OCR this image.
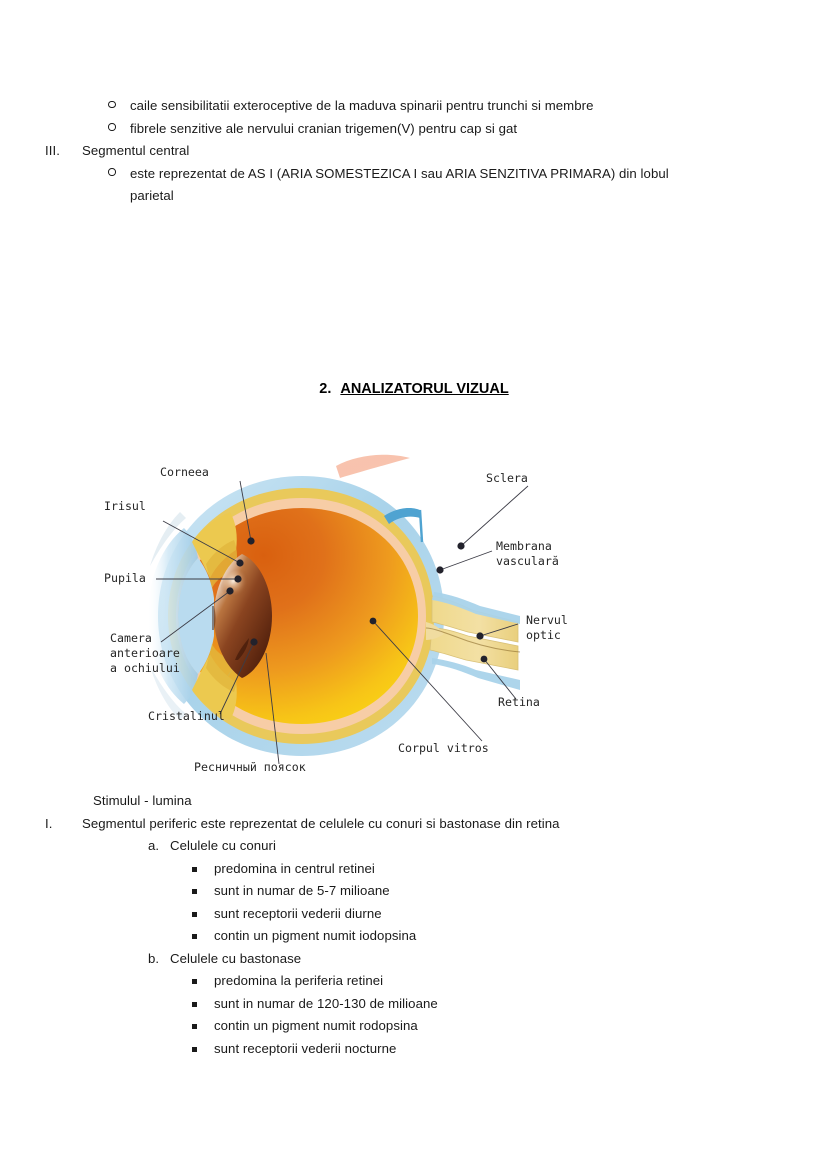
caile sensibilitatii exteroceptive de la maduva spinarii pentru trunchi si membre
fibrele senzitive ale nervului cranian trigemen(V) pentru cap si gat
III.	Segmentul central
este reprezentat de AS I (ARIA SOMESTEZICA I sau ARIA SENZITIVA PRIMARA) din lobul parietal
2. ANALIZATORUL VIZUAL
Corneea
Irisul
Pupila
Camera
anterioare
a ochiului
Cristalinul
Ресничный поясок
Corpul vitros
Sclera
Membrana
vasculară
Nervul
optic
Retina
Stimulul - lumina
I.	Segmentul periferic este reprezentat de celulele cu conuri si bastonase din retina
a. Celulele cu conuri
predomina in centrul retinei
sunt in numar de 5-7 milioane
sunt receptorii vederii diurne
contin un pigment numit iodopsina
b. Celulele cu bastonase
predomina la periferia retinei
sunt in numar de 120-130 de milioane
contin un pigment numit rodopsina
sunt receptorii vederii nocturne
